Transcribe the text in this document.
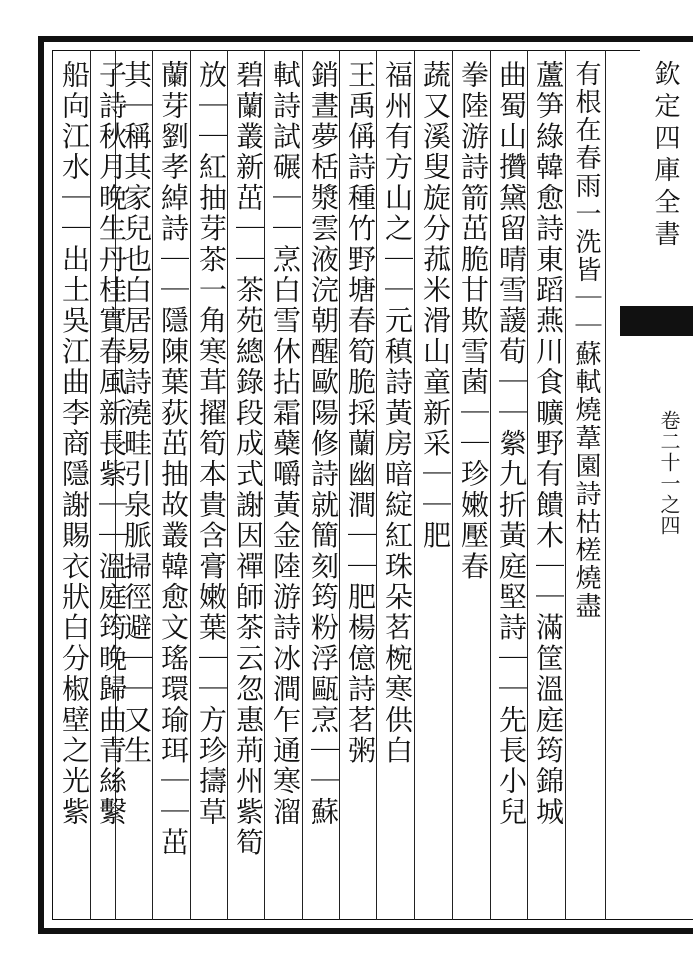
欽定四庫全書
卷二十一之四
有根在春雨一洗皆｜｜蘇軾燒葦園詩枯槎燒盡
蘆笋綠韓愈詩東蹈燕川食曠野有饋木｜｜滿筐溫庭筠錦城
曲蜀山攢黛留晴雪蘐荀｜｜縈九折黃庭堅詩｜｜先長小兒
拳陸游詩箭茁脆甘欺雪菌｜｜珍嫩壓春
蔬又溪叟旋分菰米滑山童新采｜｜肥
福州有方山之｜｜元稹詩黃房暗綻紅珠朵茗椀寒供白
王禹偁詩種竹野塘春筍脆採蘭幽澗｜｜肥楊億詩茗粥
銷晝夢栝漿雲液浣朝醒歐陽修詩就簡刻筠粉浮甌烹｜｜蘇
軾詩試碾｜｜烹白雪休拈霜蘗嚼黃金陸游詩冰澗乍通寒溜
碧蘭叢新茁｜｜茶苑總錄段成式謝因禪師茶云忽惠荊州紫筍
放｜｜紅抽芽茶一角寒茸擢筍本貴含膏嫩葉｜｜方珍擣草
蘭芽劉孝綽詩｜｜隱陳葉荻茁抽故叢韓愈文瑤環瑜珥｜｜茁
其｜稱其家兒也白居易詩澆畦引泉脈掃徑避｜｜又生
子詩秋月晚生丹桂實春風新長紫｜｜溫庭筠晚歸曲青絲繫
船向江水｜｜出土吳江曲李商隱謝賜衣狀白分椒壁之光紫
